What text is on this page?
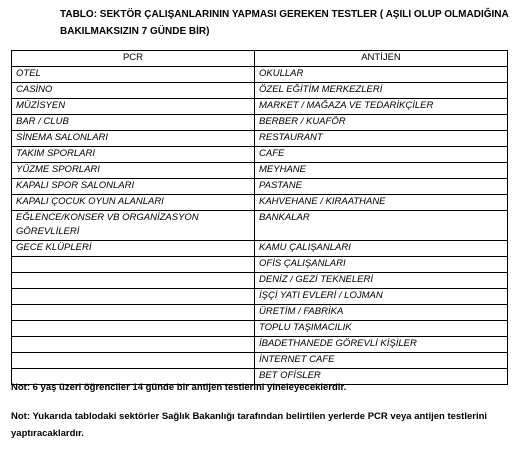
TABLO: SEKTÖR ÇALIŞANLARININ YAPMASI GEREKEN TESTLER ( AŞILI OLUP OLMADIĞINA BAKILMAKSIZIN 7 GÜNDE BİR)

PCR	ANTİJEN
OTEL	OKULLAR
CASİNO	ÖZEL EĞİTİM MERKEZLERİ
MÜZİSYEN	MARKET / MAĞAZA VE TEDARİKÇİLER
BAR / CLUB	BERBER / KUAFÖR
SİNEMA SALONLARI	RESTAURANT
TAKIM SPORLARI	CAFE
YÜZME SPORLARI	MEYHANE
KAPALI SPOR SALONLARI	PASTANE
KAPALI ÇOCUK OYUN ALANLARI	KAHVEHANE / KIRAATHANE
EĞLENCE/KONSER VB ORGANİZASYON GÖREVLİLERİ	BANKALAR
GECE KLÜPLERİ	KAMU ÇALIŞANLARI
	OFİS ÇALIŞANLARI
	DENİZ / GEZİ TEKNELERİ
	İŞÇİ YATI EVLERİ / LOJMAN
	ÜRETİM / FABRİKA
	TOPLU TAŞIMACILIK
	İBADETHANEDE GÖREVLİ KİŞİLER
	İNTERNET CAFE
	BET OFİSLER

Not: 6 yaş üzeri öğrenciler 14 günde bir antijen testlerini yineleyeceklerdir.

Not: Yukarıda tablodaki sektörler Sağlık Bakanlığı tarafından belirtilen yerlerde PCR veya antijen testlerini yaptıracaklardır.
